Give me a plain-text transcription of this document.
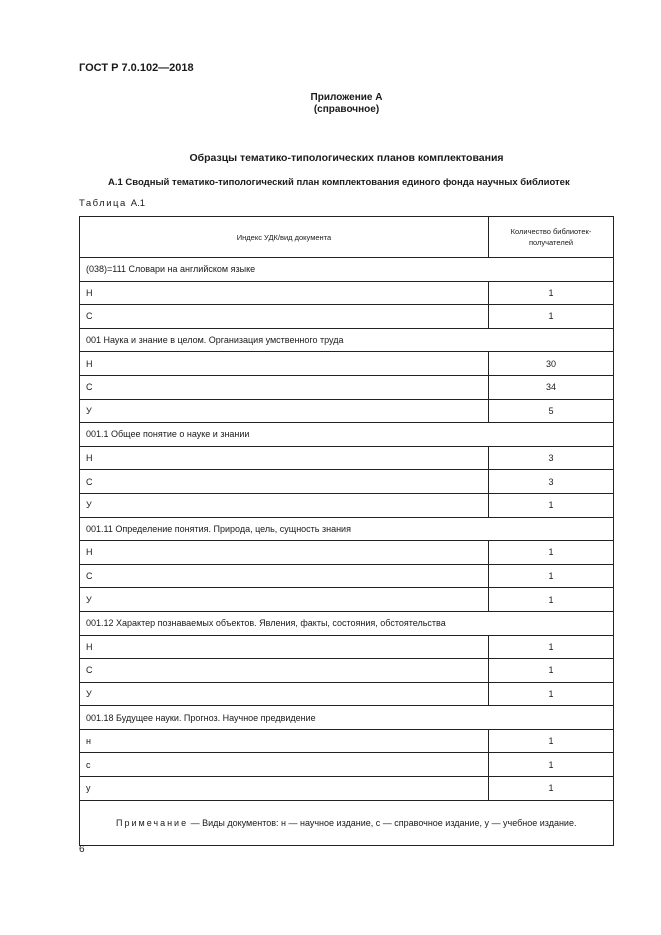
ГОСТ Р 7.0.102—2018
Приложение А
(справочное)
Образцы тематико-типологических планов комплектования
А.1 Сводный тематико-типологический план комплектования единого фонда научных библиотек
Таблица А.1
Индекс УДК/вид документа	Количество библиотек-получателей
(038)=111 Словари на английском языке	
Н	1
С	1
001 Наука и знание в целом. Организация умственного труда	
Н	30
С	34
У	5
001.1 Общее понятие о науке и знании	
Н	3
С	3
У	1
001.11 Определение понятия. Природа, цель, сущность знания	
Н	1
С	1
У	1
001.12 Характер познаваемых объектов. Явления, факты, состояния, обстоятельства	
Н	1
С	1
У	1
001.18 Будущее науки. Прогноз. Научное предвидение	
н	1
с	1
у	1
Примечание — Виды документов: н — научное издание, с — справочное издание, у — учебное издание.	
6
